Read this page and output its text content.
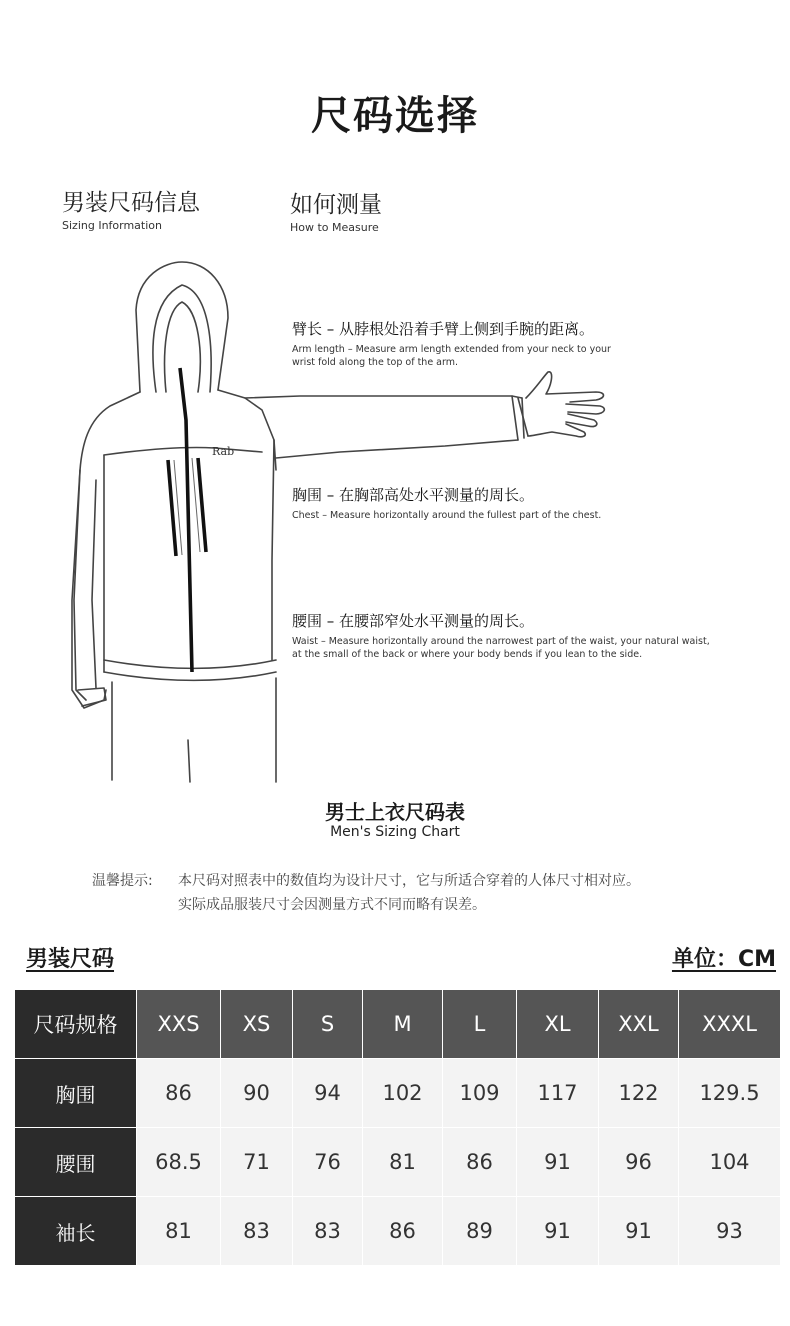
尺码选择
男装尺码信息
Sizing Information
如何测量
How to Measure
Rab
臂长 – 从脖根处沿着手臂上侧到手腕的距离。
Arm length – Measure arm length extended from your neck to your
wrist fold along the top of the arm.
胸围 – 在胸部高处水平测量的周长。
Chest – Measure horizontally around the fullest part of the chest.
腰围 – 在腰部窄处水平测量的周长。
Waist – Measure horizontally around the narrowest part of the waist, your natural waist,
at the small of the back or where your body bends if you lean to the side.
男士上衣尺码表
Men's Sizing Chart
温馨提示: 本尺码对照表中的数值均为设计尺寸，它与所适合穿着的人体尺寸相对应。
实际成品服装尺寸会因测量方式不同而略有误差。
男装尺码	单位：CM
尺码规格	XXS	XS	S	M	L	XL	XXL	XXXL
胸围	86	90	94	102	109	117	122	129.5
腰围	68.5	71	76	81	86	91	96	104
袖长	81	83	83	86	89	91	91	93
